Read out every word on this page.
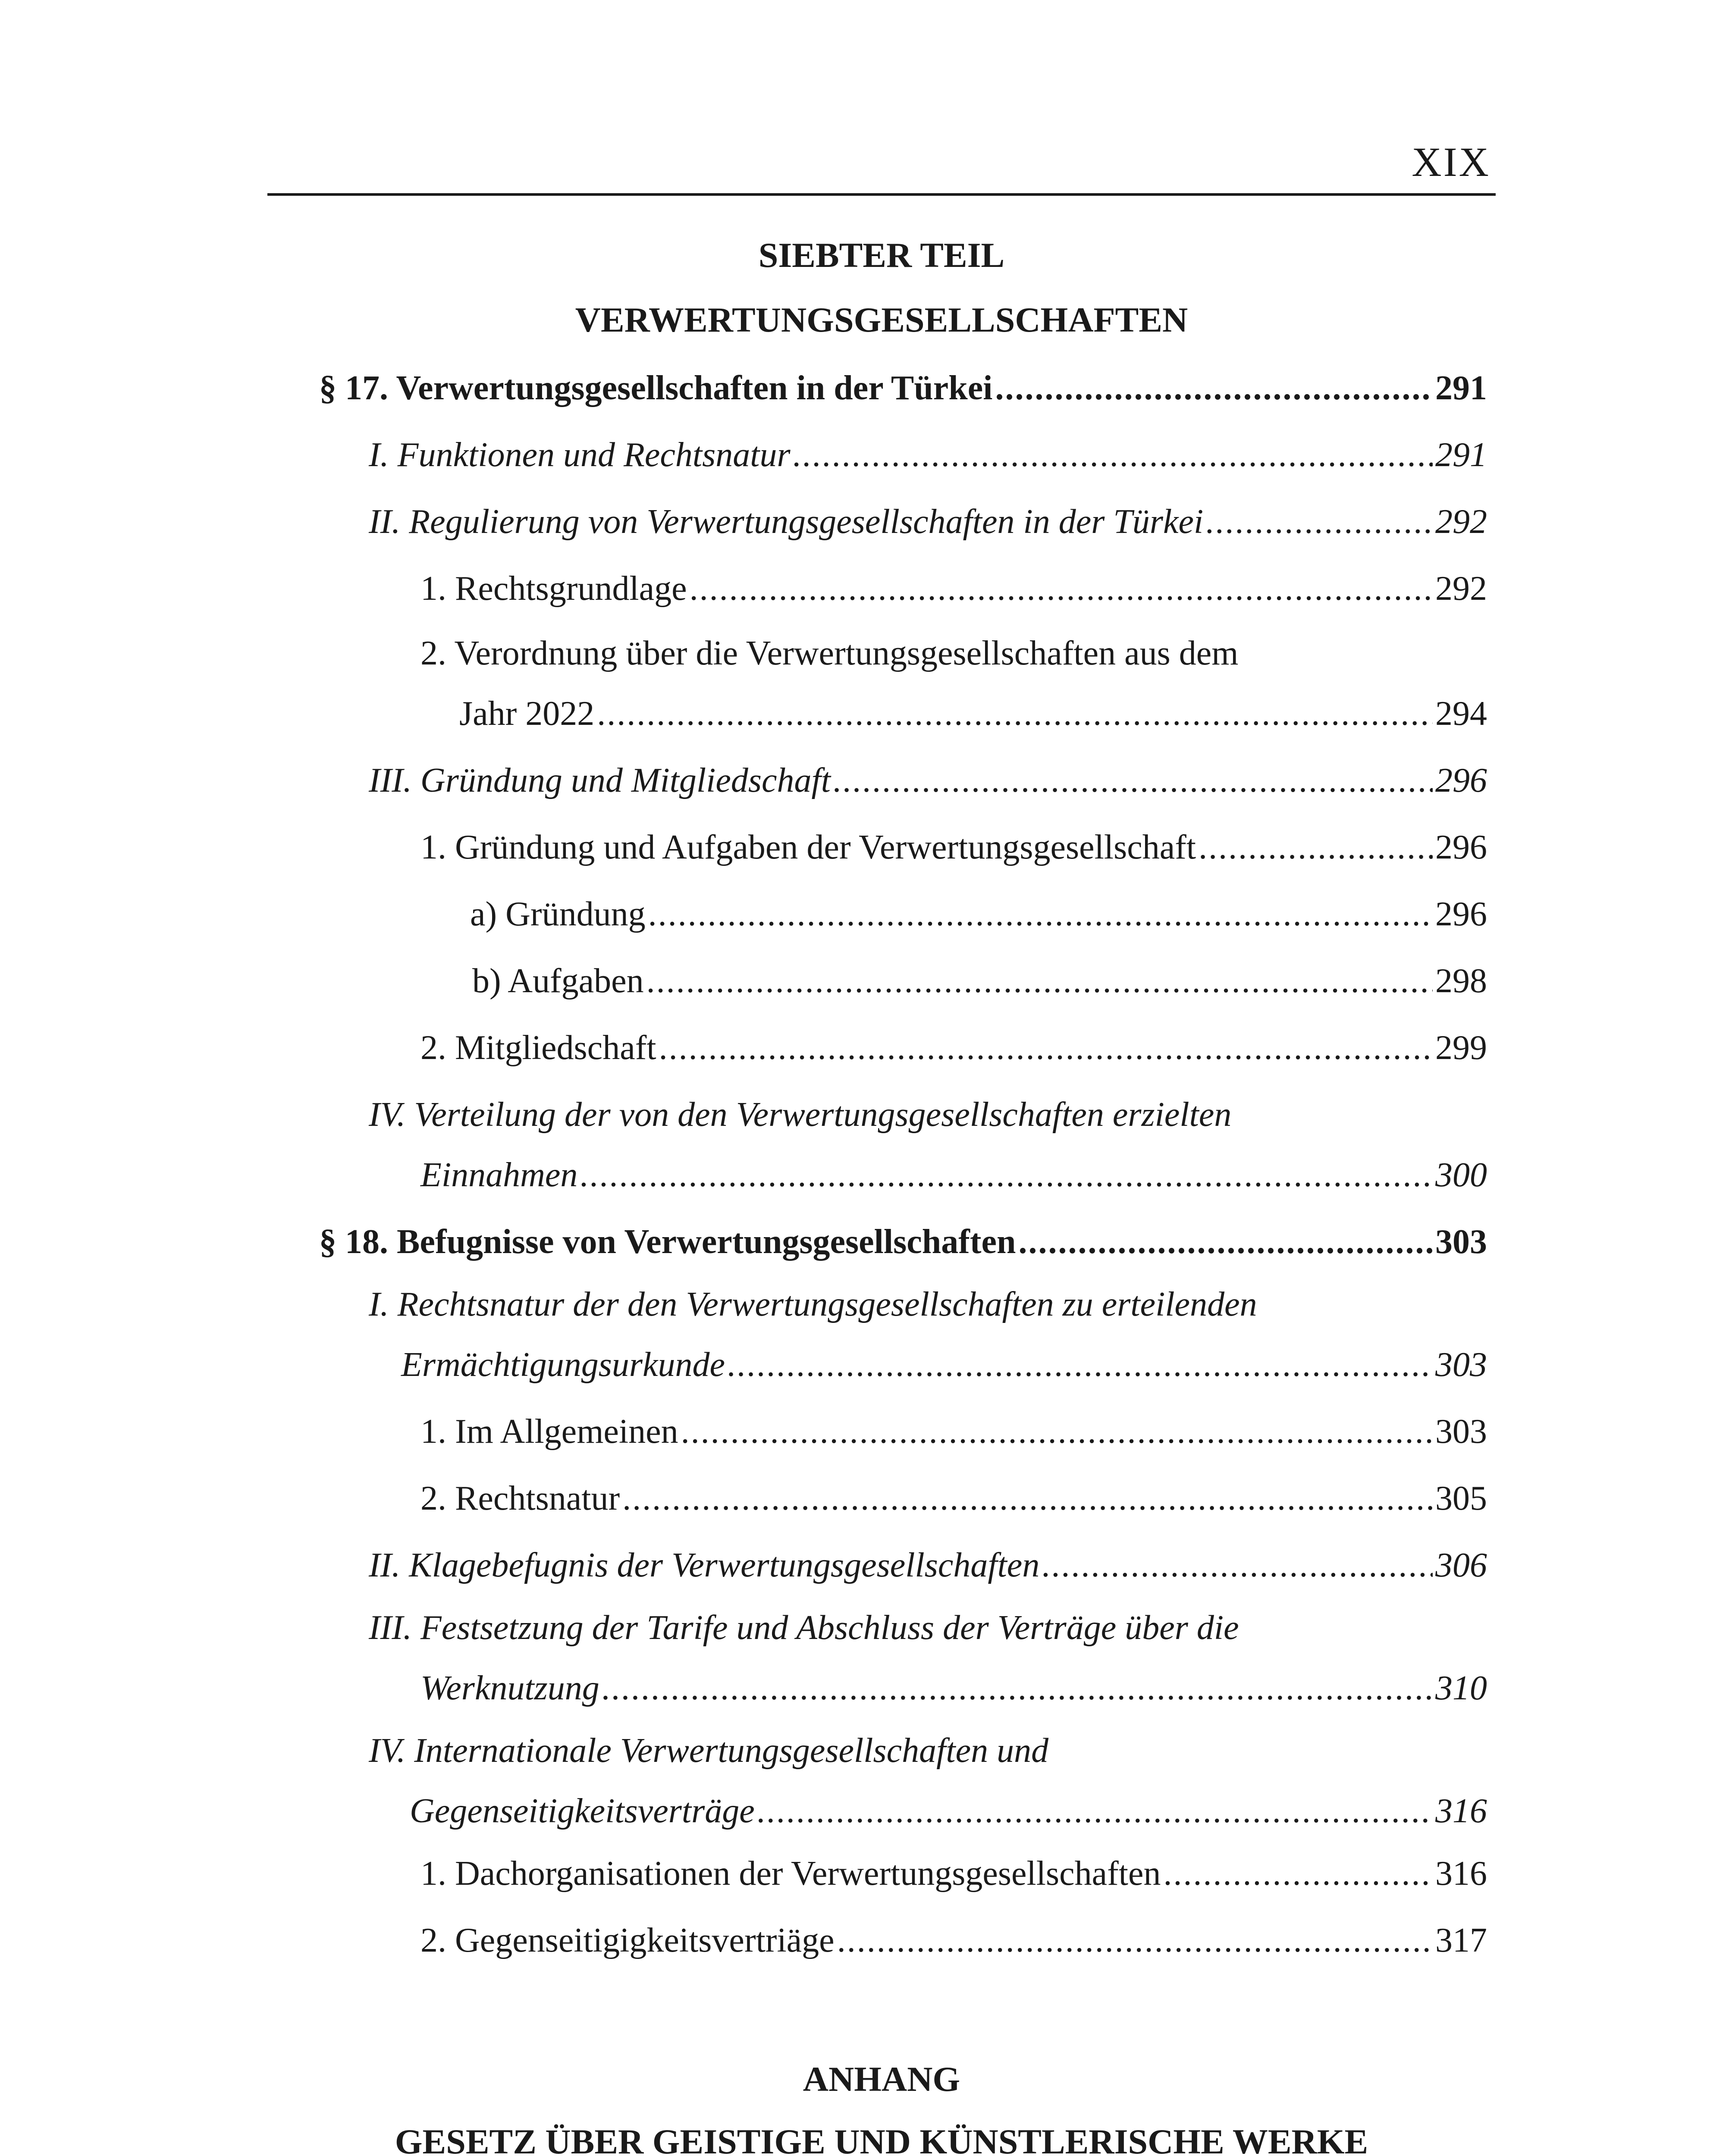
XIX
SIEBTER TEIL
VERWERTUNGSGESELLSCHAFTEN
§ 17. Verwertungsgesellschaften in der Türkei .....	291
I. Funktionen und Rechtsnatur .....	291
II. Regulierung von Verwertungsgesellschaften in der Türkei .....	292
1. Rechtsgrundlage .....	292
2. Verordnung über die Verwertungsgesellschaften aus dem
Jahr 2022 .....	294
III. Gründung und Mitgliedschaft .....	296
1. Gründung und Aufgaben der Verwertungsgesellschaft .....	296
a) Gründung .....	296
b) Aufgaben .....	298
2. Mitgliedschaft .....	299
IV. Verteilung der von den Verwertungsgesellschaften erzielten
Einnahmen .....	300
§ 18. Befugnisse von Verwertungsgesellschaften .....	303
I. Rechtsnatur der den Verwertungsgesellschaften zu erteilenden
Ermächtigungsurkunde .....	303
1. Im Allgemeinen .....	303
2. Rechtsnatur .....	305
II. Klagebefugnis der Verwertungsgesellschaften .....	306
III. Festsetzung der Tarife und Abschluss der Verträge über die
Werknutzung .....	310
IV. Internationale Verwertungsgesellschaften und
Gegenseitigkeitsverträge .....	316
1. Dachorganisationen der Verwertungsgesellschaften .....	316
2. Gegenseitigigkeitsvertriäge .....	317
ANHANG
GESETZ ÜBER GEISTIGE UND KÜNSTLERISCHE WERKE
